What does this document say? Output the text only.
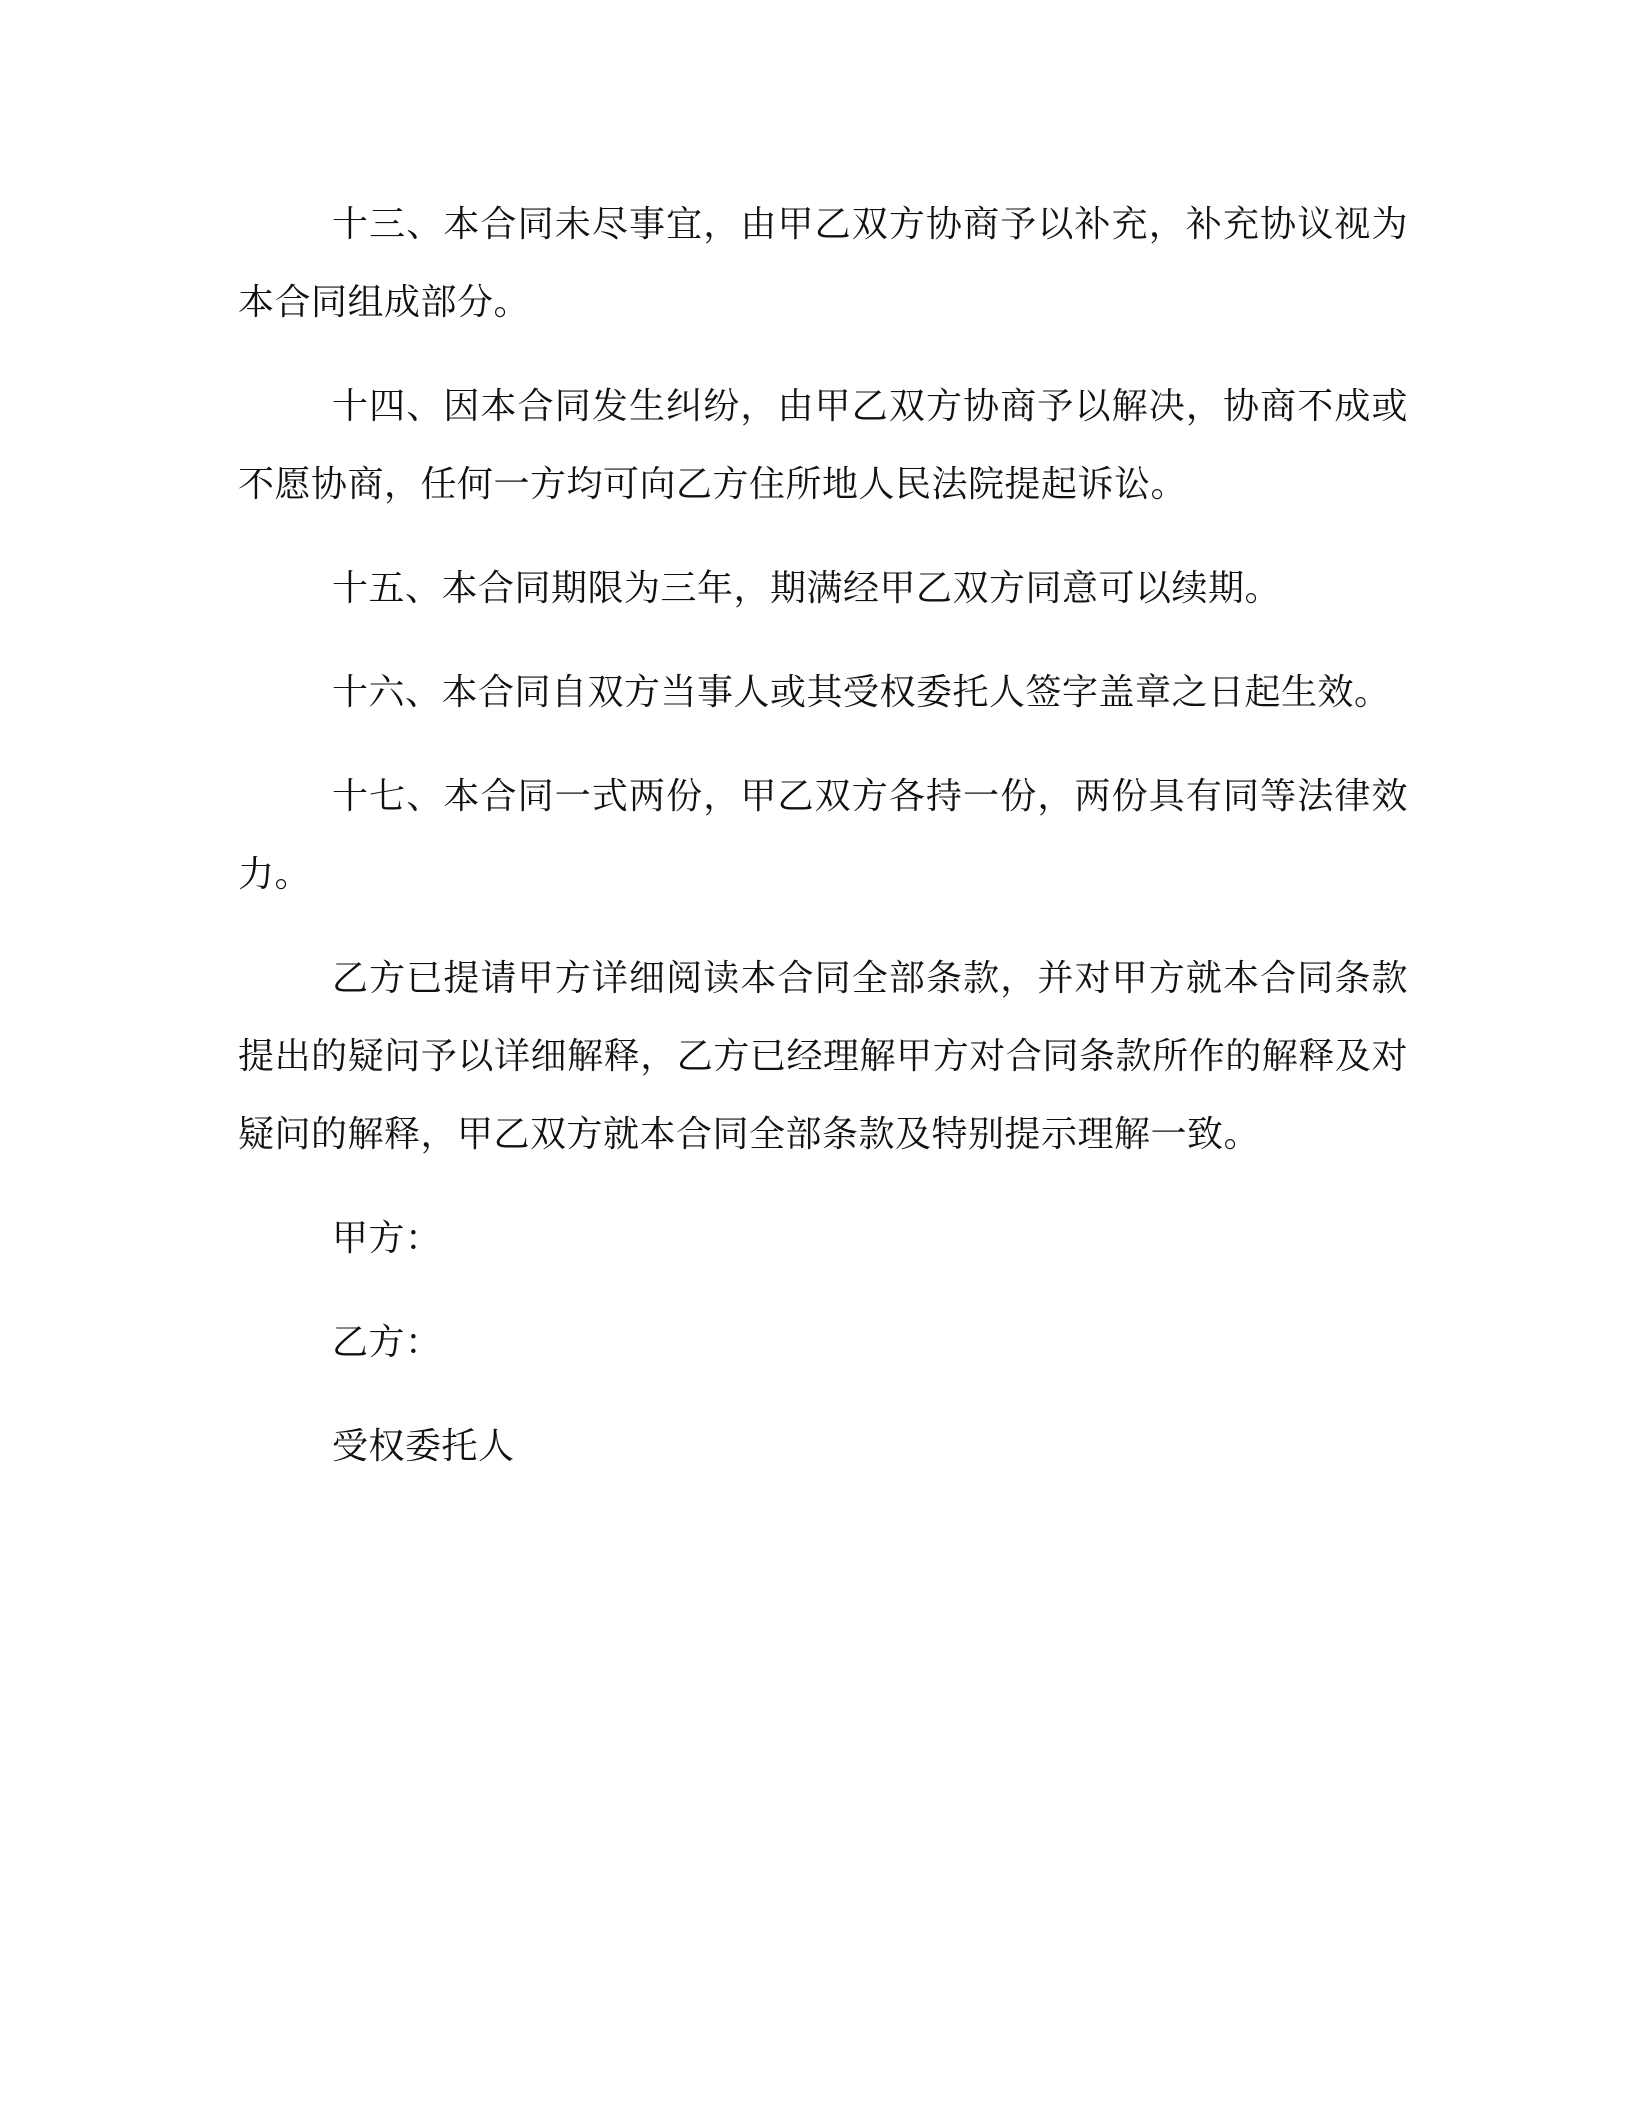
十三、本合同未尽事宜，由甲乙双方协商予以补充，补充协议视为本合同组成部分。

十四、因本合同发生纠纷，由甲乙双方协商予以解决，协商不成或不愿协商，任何一方均可向乙方住所地人民法院提起诉讼。

十五、本合同期限为三年，期满经甲乙双方同意可以续期。

十六、本合同自双方当事人或其受权委托人签字盖章之日起生效。

十七、本合同一式两份，甲乙双方各持一份，两份具有同等法律效力。

乙方已提请甲方详细阅读本合同全部条款，并对甲方就本合同条款提出的疑问予以详细解释，乙方已经理解甲方对合同条款所作的解释及对疑问的解释，甲乙双方就本合同全部条款及特别提示理解一致。

甲方：

乙方：

受权委托人
